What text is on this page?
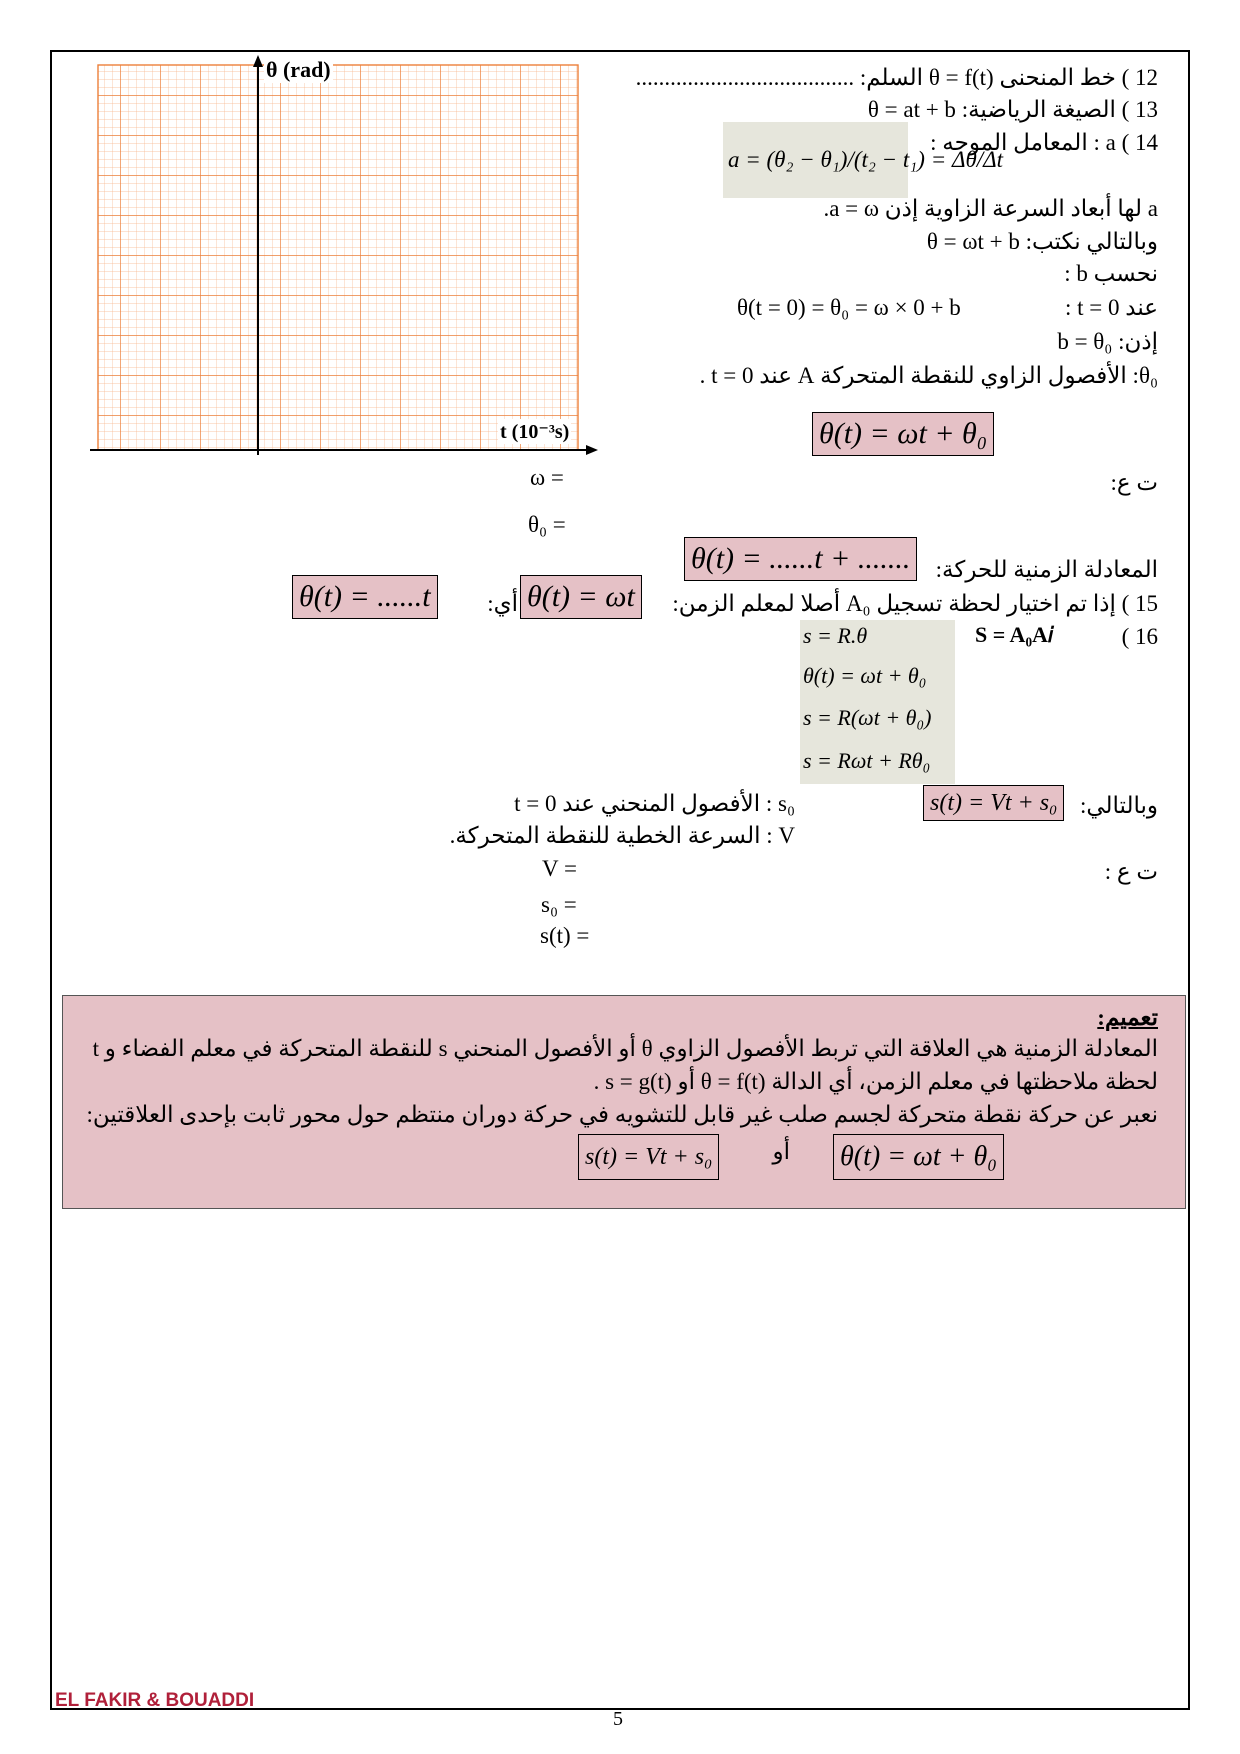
θ (rad)
t (10⁻³s)
12 ) خط المنحنى θ = f(t) السلم: ......................................
13 ) الصيغة الرياضية: θ = at + b
14 ) a : المعامل الموجه :
a = (θ₂ − θ₁)/(t₂ − t₁) = Δθ/Δt
a لها أبعاد السرعة الزاوية إذن a = ω.
وبالتالي نكتب: θ = ωt + b
نحسب b :
عند t = 0 :
θ(t = 0) = θ₀ = ω × 0 + b
إذن: b = θ₀
θ₀: الأفصول الزاوي للنقطة المتحركة A عند t = 0 .
θ(t) = ωt + θ₀
ت ع:
ω =
θ₀ =
المعادلة الزمنية للحركة:
θ(t) = ......t + .......
15 ) إذا تم اختيار لحظة تسجيل A₀ أصلا لمعلم الزمن:
θ(t) = ωt
أي:
θ(t) = ......t
16 )
S = A₀A𝑖
s = R.θ
θ(t) = ωt + θ₀
s = R(ωt + θ₀)
s = Rωt + Rθ₀
وبالتالي:
s(t) = Vt + s₀
s₀ : الأفصول المنحني عند t = 0
V : السرعة الخطية للنقطة المتحركة.
ت ع :
V =
s₀ =
s(t) =
تعميم:
المعادلة الزمنية هي العلاقة التي تربط الأفصول الزاوي θ أو الأفصول المنحني s للنقطة المتحركة في معلم الفضاء و t
لحظة ملاحظتها في معلم الزمن، أي الدالة θ = f(t) أو s = g(t) .
نعبر عن حركة نقطة متحركة لجسم صلب غير قابل للتشويه في حركة دوران منتظم حول محور ثابت بإحدى العلاقتين:
θ(t) = ωt + θ₀
أو
s(t) = Vt + s₀
EL FAKIR & BOUADDI
5
